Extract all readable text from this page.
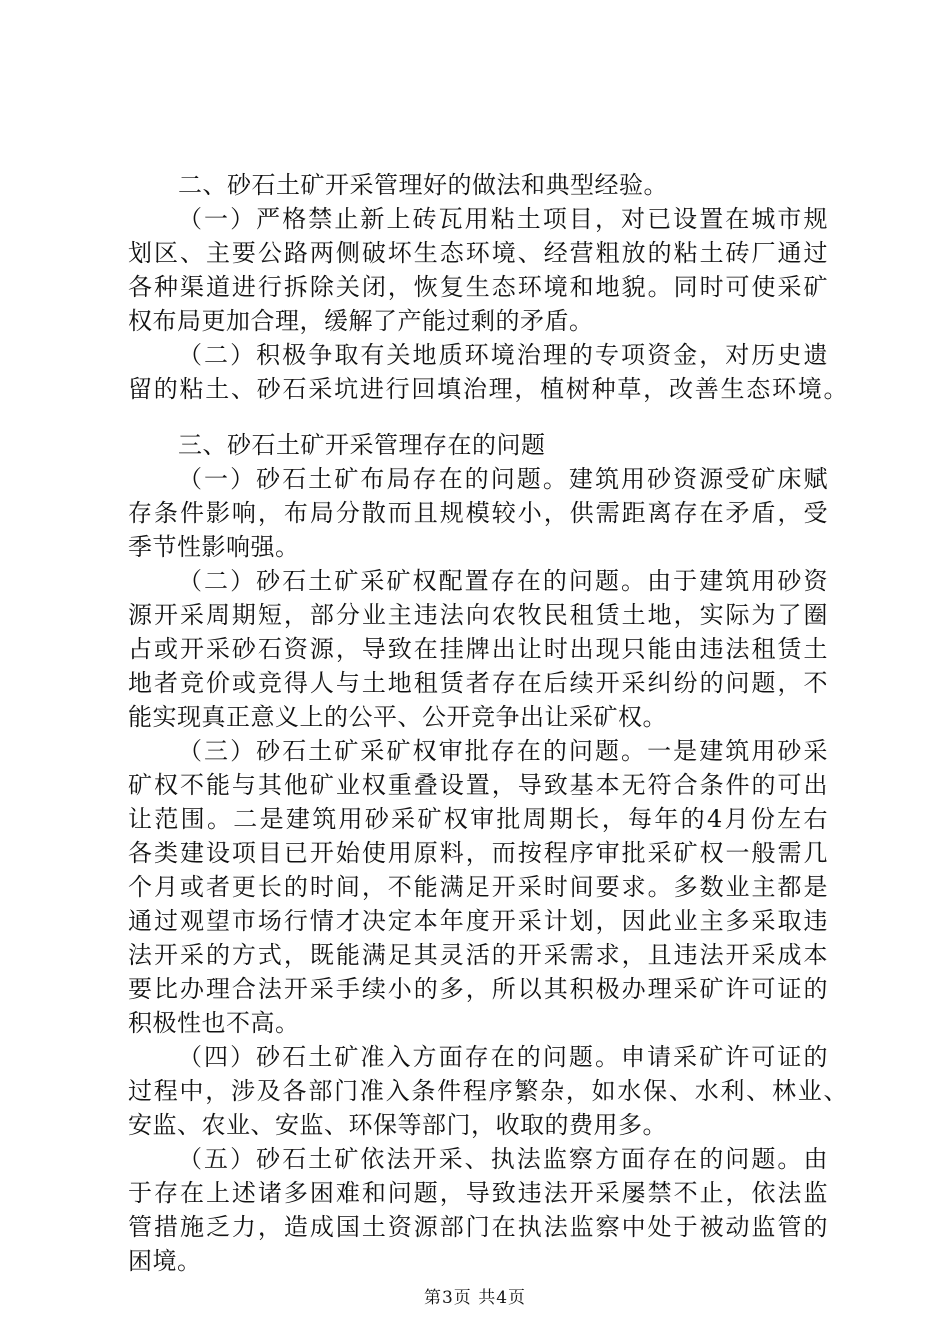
二、砂石土矿开采管理好的做法和典型经验。
（一）严格禁止新上砖瓦用粘土项目，对已设置在城市规
划区、主要公路两侧破坏生态环境、经营粗放的粘土砖厂通过
各种渠道进行拆除关闭，恢复生态环境和地貌。同时可使采矿
权布局更加合理，缓解了产能过剩的矛盾。
（二）积极争取有关地质环境治理的专项资金，对历史遗
留的粘土、砂石采坑进行回填治理，植树种草，改善生态环境。
三、砂石土矿开采管理存在的问题
（一）砂石土矿布局存在的问题。建筑用砂资源受矿床赋
存条件影响，布局分散而且规模较小，供需距离存在矛盾，受
季节性影响强。
（二）砂石土矿采矿权配置存在的问题。由于建筑用砂资
源开采周期短，部分业主违法向农牧民租赁土地，实际为了圈
占或开采砂石资源，导致在挂牌出让时出现只能由违法租赁土
地者竞价或竞得人与土地租赁者存在后续开采纠纷的问题，不
能实现真正意义上的公平、公开竞争出让采矿权。
（三）砂石土矿采矿权审批存在的问题。一是建筑用砂采
矿权不能与其他矿业权重叠设置，导致基本无符合条件的可出
让范围。二是建筑用砂采矿权审批周期长，每年的4月份左右
各类建设项目已开始使用原料，而按程序审批采矿权一般需几
个月或者更长的时间，不能满足开采时间要求。多数业主都是
通过观望市场行情才决定本年度开采计划，因此业主多采取违
法开采的方式，既能满足其灵活的开采需求，且违法开采成本
要比办理合法开采手续小的多，所以其积极办理采矿许可证的
积极性也不高。
（四）砂石土矿准入方面存在的问题。申请采矿许可证的
过程中，涉及各部门准入条件程序繁杂，如水保、水利、林业、
安监、农业、安监、环保等部门，收取的费用多。
（五）砂石土矿依法开采、执法监察方面存在的问题。由
于存在上述诸多困难和问题，导致违法开采屡禁不止，依法监
管措施乏力，造成国土资源部门在执法监察中处于被动监管的
困境。
第3页 共4页
